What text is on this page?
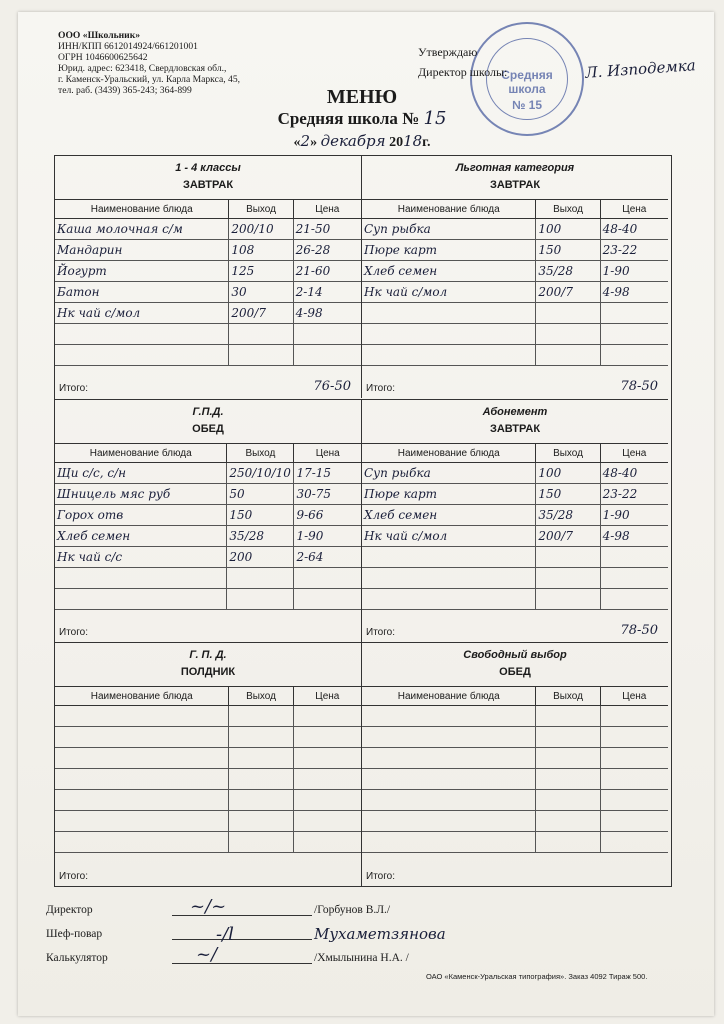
ООО «Школьник»
ИНН/КПП 6612014924/661201001
ОГРН 1046600625642
Юрид. адрес: 623418, Свердловская обл.,
г. Каменск-Уральский, ул. Карла Маркса, 45,
тел. раб. (3439) 365-243; 364-899
Средняя
школа
№ 15
Утверждаю
Директор школы:	Л. Изподемка
МЕНЮ
Средняя школа № 15
«2» декабря 2018г.
1 - 4 классы
ЗАВТРАК
Наименование блюда	Выход	Цена
Каша молочная с/м	200/10	21-50
Мандарин	108	26-28
Йогурт	125	21-60
Батон	30	2-14
Нк чай с/мол	200/7	4-98

Итого:	76-50
Льготная категория
ЗАВТРАК
Наименование блюда	Выход	Цена
Суп рыбка	100	48-40
Пюре карт	150	23-22
Хлеб семен	35/28	1-90
Нк чай с/мол	200/7	4-98

Итого:	78-50
Г.П.Д.
ОБЕД
Наименование блюда	Выход	Цена
Щи с/с, с/н	250/10/10	17-15
Шницель мяс руб	50	30-75
Горох отв	150	9-66
Хлеб семен	35/28	1-90
Нк чай с/с	200	2-64

Итого:
Абонемент
ЗАВТРАК
Наименование блюда	Выход	Цена
Суп рыбка	100	48-40
Пюре карт	150	23-22
Хлеб семен	35/28	1-90
Нк чай с/мол	200/7	4-98

Итого:	78-50
Г. П. Д.
ПОЛДНИК
Наименование блюда	Выход	Цена

Итого:
Свободный выбор
ОБЕД
Наименование блюда	Выход	Цена

Итого:
Директор	/Горбунов В.Л./
Шеф-повар	Мухаметзянова
Калькулятор	/Хмылынина Н.А. /
~/~
-/l
~/
ОАО «Каменск-Уральская типография». Заказ 4092 Тираж 500.
